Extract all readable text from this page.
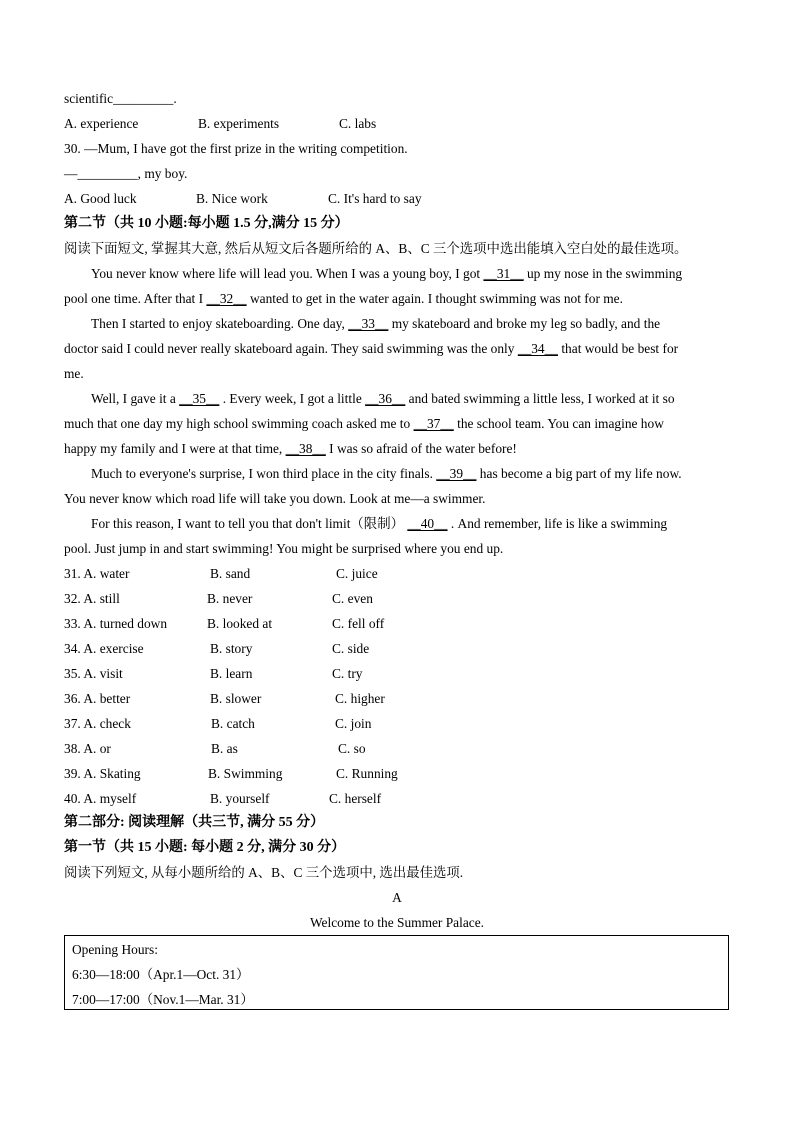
scientific_________.
A. experience	B. experiments	C. labs
30. —Mum, I have got the first prize in the writing competition.
—_________, my boy.
A. Good luck	B. Nice work	C. It's hard to say
第二节（共 10 小题:每小题 1.5 分,满分 15 分）
阅读下面短文, 掌握其大意, 然后从短文后各题所给的 A、B、C 三个选项中选出能填入空白处的最佳选项。
You never know where life will lead you. When I was a young boy, I got __31__ up my nose in the swimming
pool one time. After that I __32__ wanted to get in the water again. I thought swimming was not for me.
Then I started to enjoy skateboarding. One day, __33__ my skateboard and broke my leg so badly, and the
doctor said I could never really skateboard again. They said swimming was the only __34__ that would be best for
me.
Well, I gave it a __35__ . Every week, I got a little __36__ and bated swimming a little less, I worked at it so
much that one day my high school swimming coach asked me to __37__ the school team. You can imagine how
happy my family and I were at that time, __38__ I was so afraid of the water before!
Much to everyone's surprise, I won third place in the city finals. __39__ has become a big part of my life now.
You never know which road life will take you down. Look at me—a swimmer.
For this reason, I want to tell you that don't limit（限制） __40__ . And remember, life is like a swimming
pool. Just jump in and start swimming! You might be surprised where you end up.
31. A. water	B. sand	C. juice
32. A. still	B. never	C. even
33. A. turned down	B. looked at	C. fell off
34. A. exercise	B. story	C. side
35. A. visit	B. learn	C. try
36. A. better	B. slower	C. higher
37. A. check	B. catch	C. join
38. A. or	B. as	C. so
39. A. Skating	B. Swimming	C. Running
40. A. myself	B. yourself	C. herself
第二部分: 阅读理解（共三节, 满分 55 分）
第一节（共 15 小题: 每小题 2 分, 满分 30 分）
阅读下列短文, 从每小题所给的 A、B、C 三个选项中, 选出最佳选项.
A
Welcome to the Summer Palace.
Opening Hours:
6:30—18:00（Apr.1—Oct. 31）
7:00—17:00（Nov.1—Mar. 31）
